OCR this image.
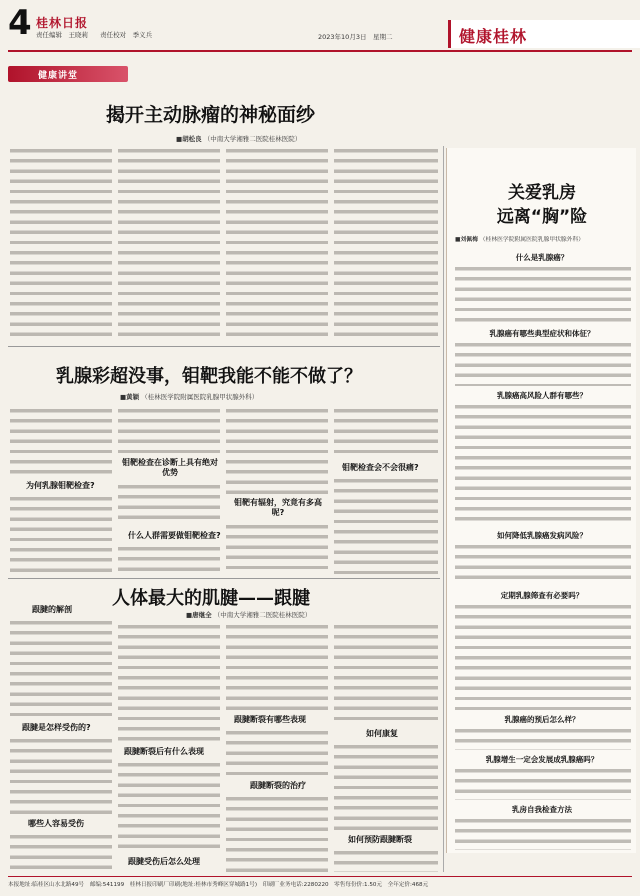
4 桂林日报
责任编辑　王晓莉 责任校对　季义兵	2023年10月3日　星期二	健康桂林
健康讲堂
揭开主动脉瘤的神秘面纱
■胡松良 （中南大学湘雅二医院桂林医院）
乳腺彩超没事，钼靶我能不能不做了？
■黄颖 （桂林医学院附属医院乳腺甲状腺外科）
为何乳腺钼靶检查?
钼靶检查在诊断上具有绝对优势
什么人群需要做钼靶检查?
钼靶有辐射，究竟有多高呢?
钼靶检查会不会很痛?
人体最大的肌腱——跟腱
■唐继全 （中南大学湘雅二医院桂林医院）
跟腱的解剖
跟腱是怎样受伤的?
哪些人容易受伤
跟腱断裂后有什么表现
跟腱受伤后怎么处理
跟腱断裂有哪些表现
跟腱断裂的治疗
如何康复
如何预防跟腱断裂
关爱乳房
远离“胸”险
■刘佩梅 （桂林医学院附属医院乳腺甲状腺外科）
什么是乳腺癌？
乳腺癌有哪些典型症状和体征？
乳腺癌高风险人群有哪些？
如何降低乳腺癌发病风险？
定期乳腺筛查有必要吗？
乳腺癌的预后怎么样？
乳腺增生一定会发展成乳腺癌吗？
乳房自我检查方法
本报地址:临桂区山水北路49号　邮编:541199　桂林日报印刷厂印刷(地址:桂林市秀峰区穿城路1号)　印刷厂业务电话:2280220　零售每份价:1.50元　全年定价:468元
